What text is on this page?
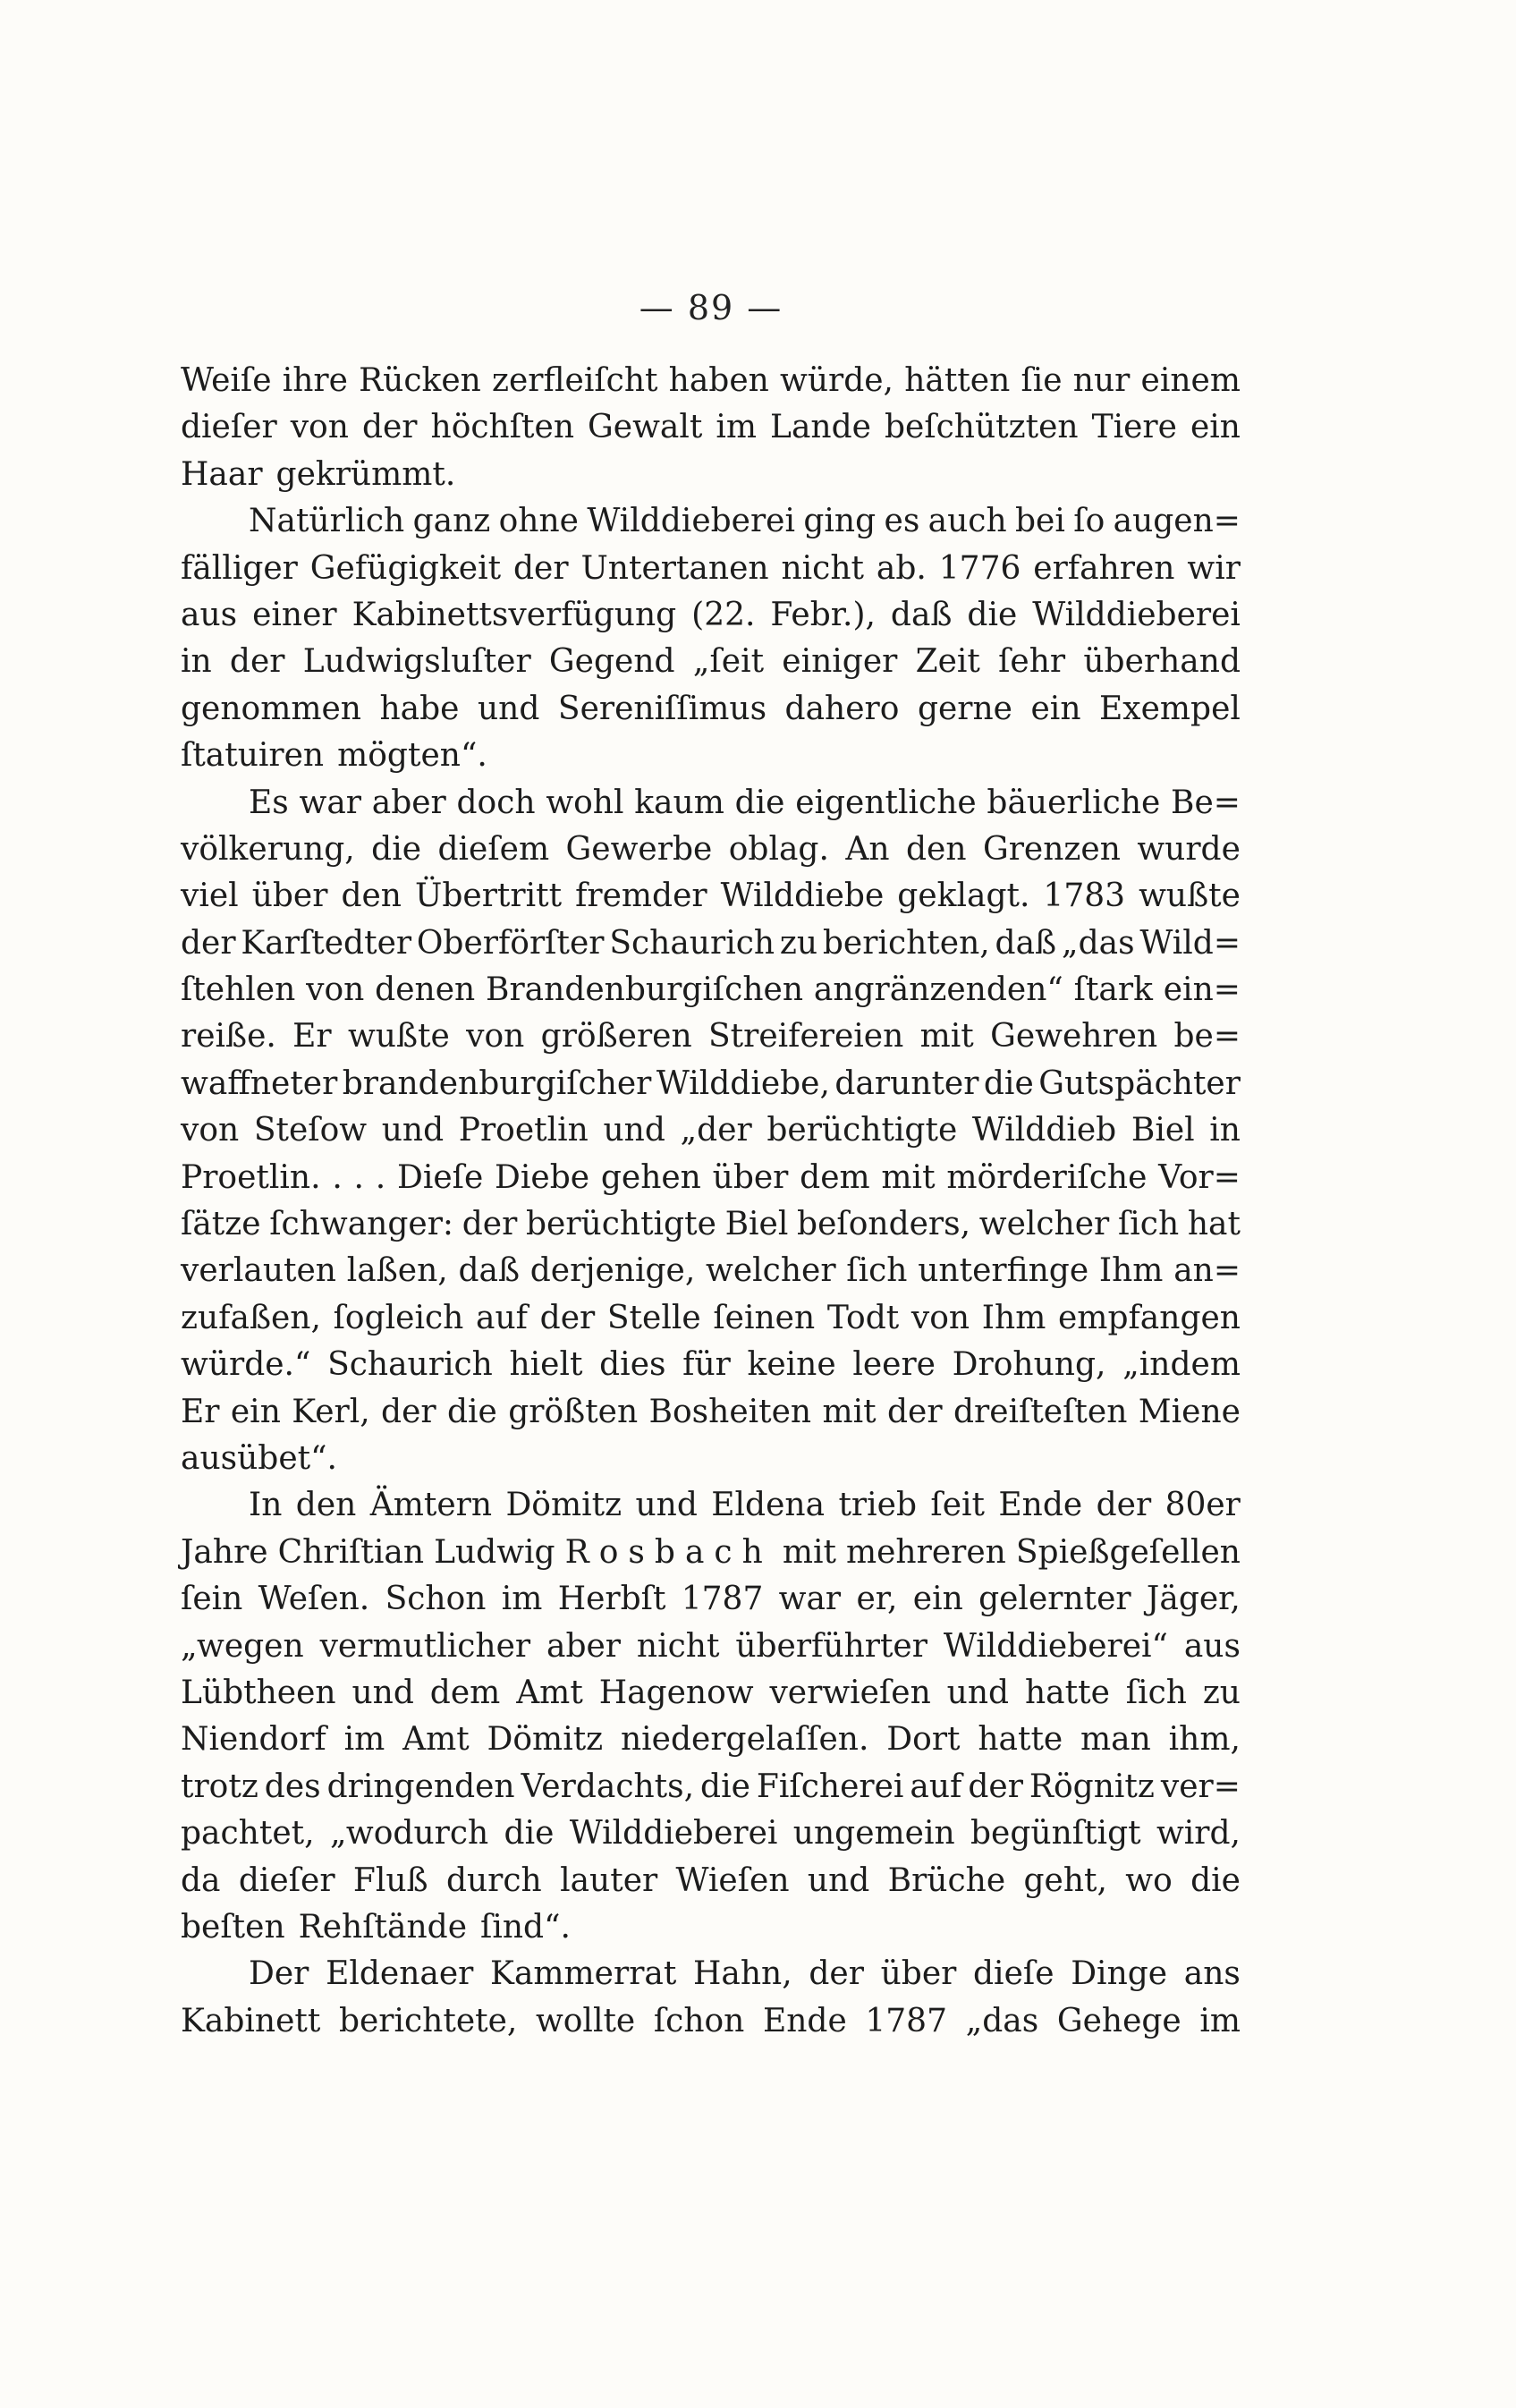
— 89 —
Weiſe ihre Rücken zerfleiſcht haben würde, hätten ſie nur einem
dieſer von der höchſten Gewalt im Lande beſchützten Tiere ein
Haar gekrümmt.
Natürlich ganz ohne Wilddieberei ging es auch bei ſo augen=
fälliger Gefügigkeit der Untertanen nicht ab. 1776 erfahren wir
aus einer Kabinettsverfügung (22. Febr.), daß die Wilddieberei
in der Ludwigsluſter Gegend „ſeit einiger Zeit ſehr überhand
genommen habe und Sereniſſimus dahero gerne ein Exempel
ſtatuiren mögten“.
Es war aber doch wohl kaum die eigentliche bäuerliche Be=
völkerung, die dieſem Gewerbe oblag. An den Grenzen wurde
viel über den Übertritt fremder Wilddiebe geklagt. 1783 wußte
der Karſtedter Oberförſter Schaurich zu berichten, daß „das Wild=
ſtehlen von denen Brandenburgiſchen angränzenden“ ſtark ein=
reiße. Er wußte von größeren Streifereien mit Gewehren be=
waffneter brandenburgiſcher Wilddiebe, darunter die Gutspächter
von Steſow und Proetlin und „der berüchtigte Wilddieb Biel in
Proetlin. . . . Dieſe Diebe gehen über dem mit mörderiſche Vor=
ſätze ſchwanger: der berüchtigte Biel beſonders, welcher ſich hat
verlauten laßen, daß derjenige, welcher ſich unterfinge Ihm an=
zufaßen, ſogleich auf der Stelle ſeinen Todt von Ihm empfangen
würde.“ Schaurich hielt dies für keine leere Drohung, „indem
Er ein Kerl, der die größten Bosheiten mit der dreiſteſten Miene
ausübet“.
In den Ämtern Dömitz und Eldena trieb ſeit Ende der 80er
Jahre Chriſtian Ludwig Rosbach mit mehreren Spießgeſellen
ſein Weſen. Schon im Herbſt 1787 war er, ein gelernter Jäger,
„wegen vermutlicher aber nicht überführter Wilddieberei“ aus
Lübtheen und dem Amt Hagenow verwieſen und hatte ſich zu
Niendorf im Amt Dömitz niedergelaſſen. Dort hatte man ihm,
trotz des dringenden Verdachts, die Fiſcherei auf der Rögnitz ver=
pachtet, „wodurch die Wilddieberei ungemein begünſtigt wird,
da dieſer Fluß durch lauter Wieſen und Brüche geht, wo die
beſten Rehſtände ſind“.
Der Eldenaer Kammerrat Hahn, der über dieſe Dinge ans
Kabinett berichtete, wollte ſchon Ende 1787 „das Gehege im
